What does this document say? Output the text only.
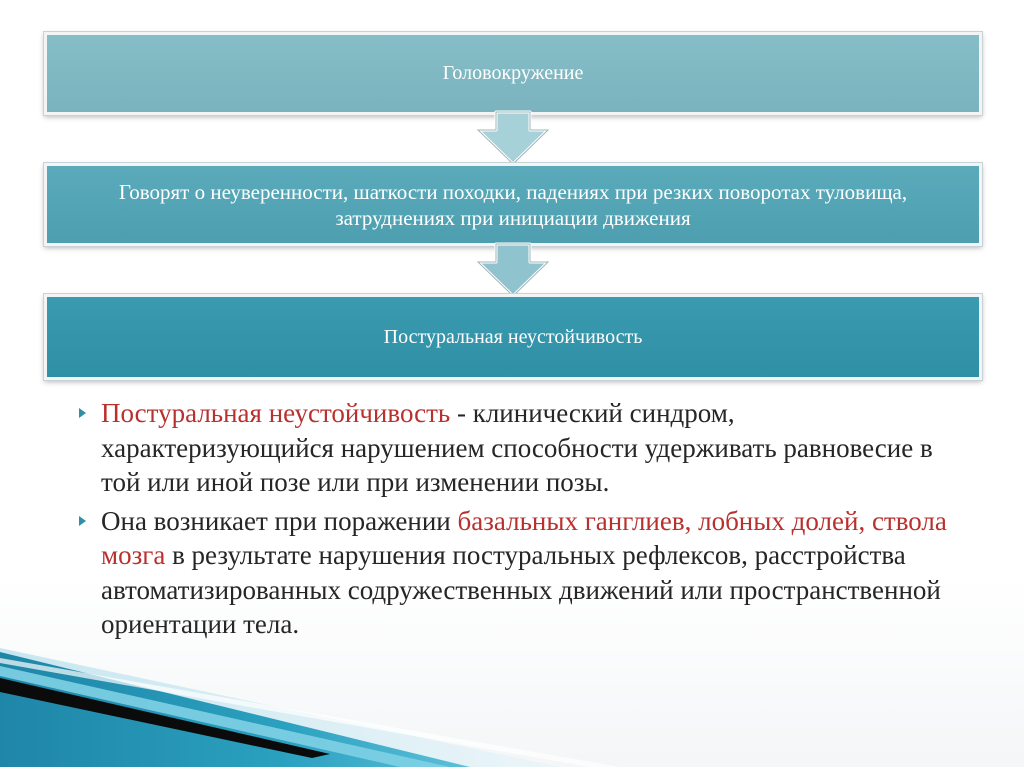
Головокружение
Говорят о неуверенности, шаткости походки, падениях при резких поворотах туловища, затруднениях при инициации движения
Постуральная неустойчивость
Постуральная неустойчивость - клинический синдром, характеризующийся нарушением способности удерживать равновесие в той или иной позе или при изменении позы.
Она возникает при поражении базальных ганглиев, лобных долей, ствола мозга в результате нарушения постуральных рефлексов, расстройства автоматизированных содружественных движений или пространственной ориентации тела.
